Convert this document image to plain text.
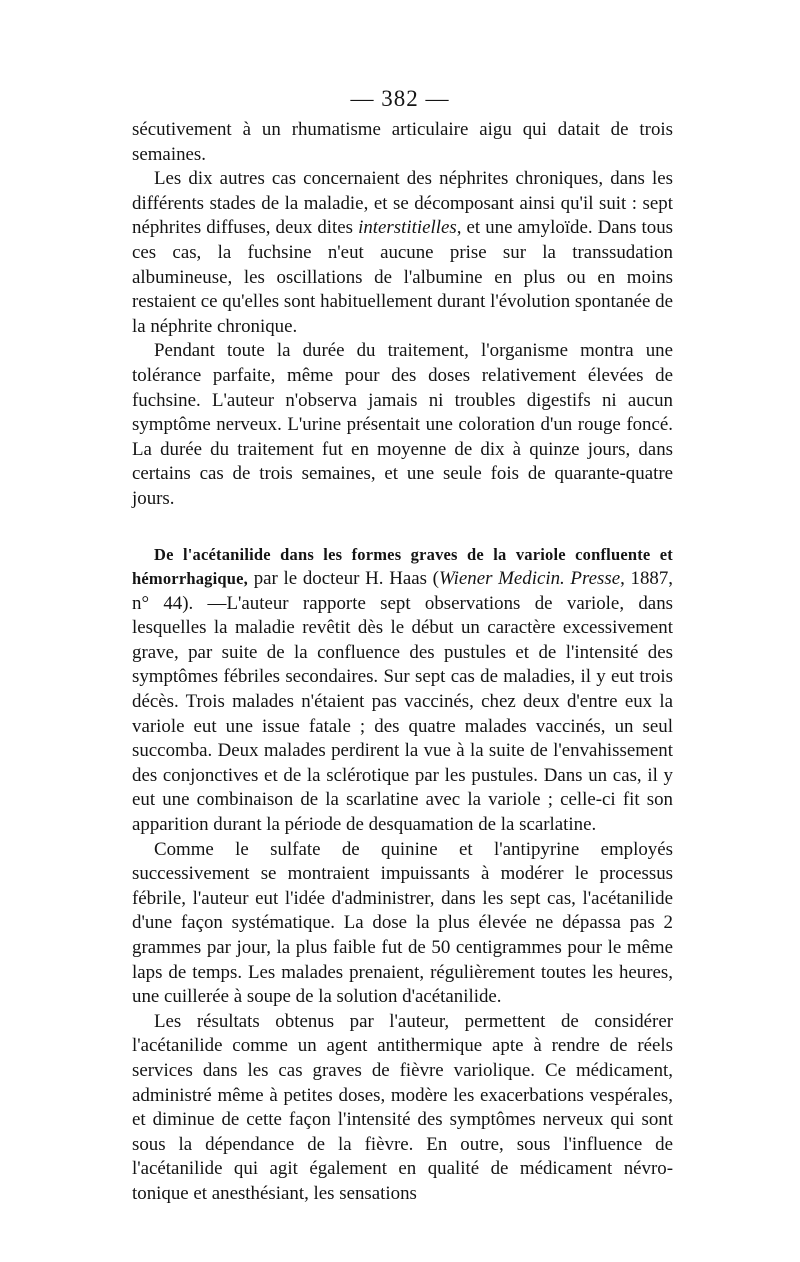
— 382 —

sécutivement à un rhumatisme articulaire aigu qui datait de trois semaines.

Les dix autres cas concernaient des néphrites chroniques, dans les différents stades de la maladie, et se décomposant ainsi qu'il suit : sept néphrites diffuses, deux dites interstitielles, et une amyloïde. Dans tous ces cas, la fuchsine n'eut aucune prise sur la transsudation albumineuse, les oscillations de l'albumine en plus ou en moins restaient ce qu'elles sont habituellement durant l'évolution spontanée de la néphrite chronique.

Pendant toute la durée du traitement, l'organisme montra une tolérance parfaite, même pour des doses relativement élevées de fuchsine. L'auteur n'observa jamais ni troubles digestifs ni aucun symptôme nerveux. L'urine présentait une coloration d'un rouge foncé. La durée du traitement fut en moyenne de dix à quinze jours, dans certains cas de trois semaines, et une seule fois de quarante-quatre jours.

De l'acétanilide dans les formes graves de la variole confluente et hémorrhagique, par le docteur H. Haas (Wiener Medicin. Presse, 1887, n° 44). —L'auteur rapporte sept observations de variole, dans lesquelles la maladie revêtit dès le début un caractère excessivement grave, par suite de la confluence des pustules et de l'intensité des symptômes fébriles secondaires. Sur sept cas de maladies, il y eut trois décès. Trois malades n'étaient pas vaccinés, chez deux d'entre eux la variole eut une issue fatale ; des quatre malades vaccinés, un seul succomba. Deux malades perdirent la vue à la suite de l'envahissement des conjonctives et de la sclérotique par les pustules. Dans un cas, il y eut une combinaison de la scarlatine avec la variole ; celle-ci fit son apparition durant la période de desquamation de la scarlatine.

Comme le sulfate de quinine et l'antipyrine employés successivement se montraient impuissants à modérer le processus fébrile, l'auteur eut l'idée d'administrer, dans les sept cas, l'acétanilide d'une façon systématique. La dose la plus élevée ne dépassa pas 2 grammes par jour, la plus faible fut de 50 centigrammes pour le même laps de temps. Les malades prenaient, régulièrement toutes les heures, une cuillerée à soupe de la solution d'acétanilide.

Les résultats obtenus par l'auteur, permettent de considérer l'acétanilide comme un agent antithermique apte à rendre de réels services dans les cas graves de fièvre variolique. Ce médicament, administré même à petites doses, modère les exacerbations vespérales, et diminue de cette façon l'intensité des symptômes nerveux qui sont sous la dépendance de la fièvre. En outre, sous l'influence de l'acétanilide qui agit également en qualité de médicament névro-tonique et anesthésiant, les sensations
